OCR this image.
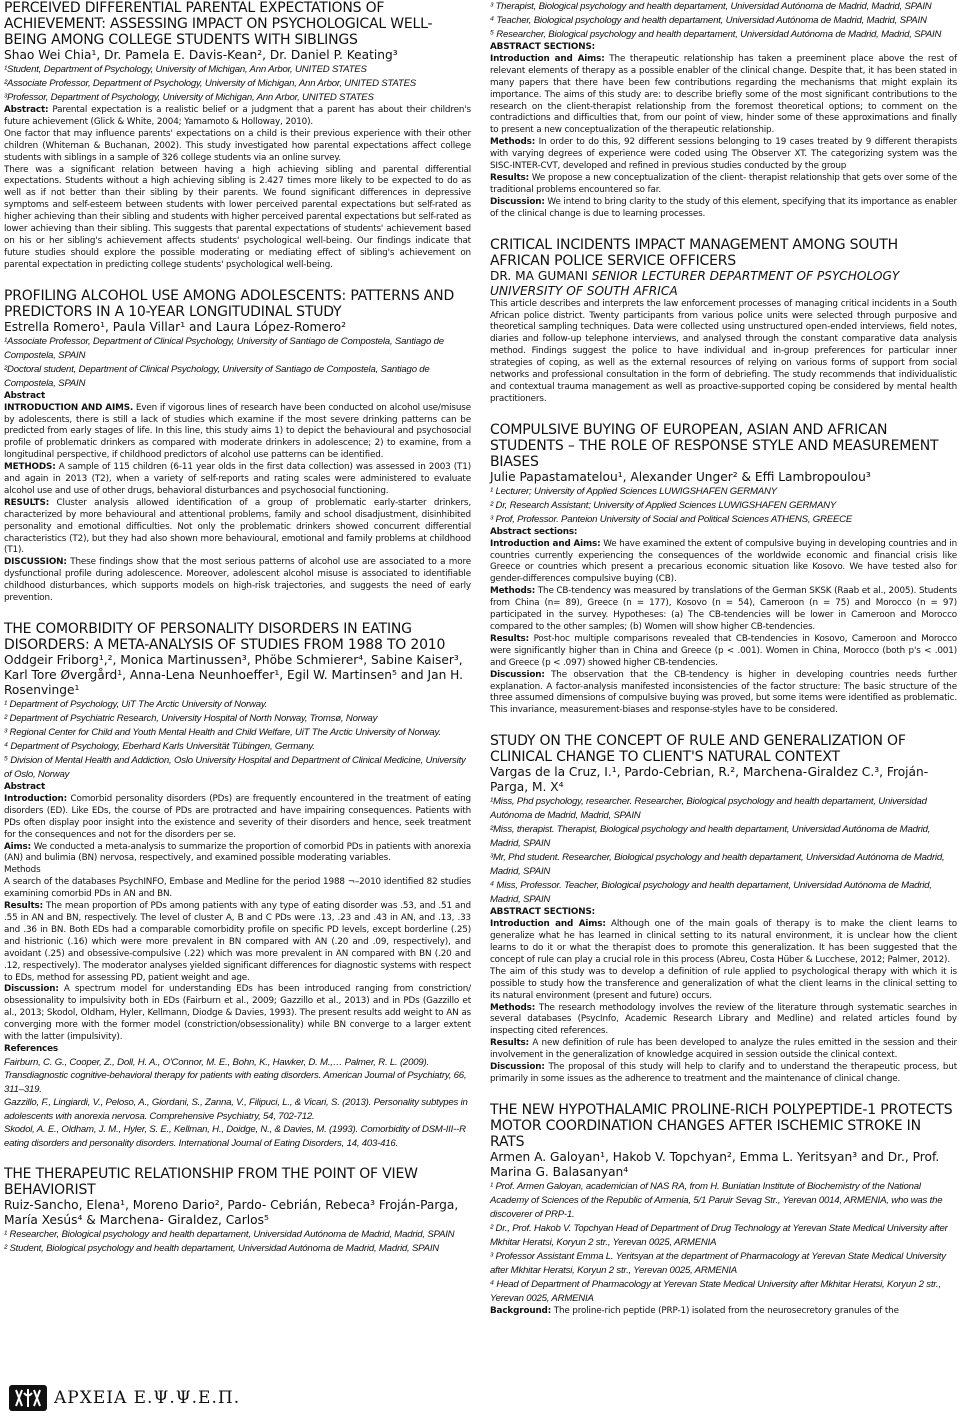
PERCEIVED DIFFERENTIAL PARENTAL EXPECTATIONS OF ACHIEVEMENT: ASSESSING IMPACT ON PSYCHOLOGICAL WELL-BEING AMONG COLLEGE STUDENTS WITH SIBLINGS

Shao Wei Chia¹, Dr. Pamela E. Davis-Kean², Dr. Daniel P. Keating³

¹Student, Department of Psychology, University of Michigan, Ann Arbor, UNITED STATES

²Associate Professor, Department of Psychology, University of Michigan, Ann Arbor, UNITED STATES

³Professor, Department of Psychology, University of Michigan, Ann Arbor, UNITED STATES

Abstract: Parental expectation is a realistic belief or a judgment that a parent has about their children's future achievement (Glick & White, 2004; Yamamoto & Holloway, 2010).

One factor that may influence parents' expectations on a child is their previous experience with their other children (Whiteman & Buchanan, 2002). This study investigated how parental expectations affect college students with siblings in a sample of 326 college students via an online survey.

There was a significant relation between having a high achieving sibling and parental differential expectations. Students without a high achieving sibling is 2.427 times more likely to be expected to do as well as if not better than their sibling by their parents. We found significant differences in depressive symptoms and self-esteem between students with lower perceived parental expectations but self-rated as higher achieving than their sibling and students with higher perceived parental expectations but self-rated as lower achieving than their sibling. This suggests that parental expectations of students' achievement based on his or her sibling's achievement affects students' psychological well-being. Our findings indicate that future studies should explore the possible moderating or mediating effect of sibling's achievement on parental expectation in predicting college students' psychological well-being.

PROFILING ALCOHOL USE AMONG ADOLESCENTS: PATTERNS AND PREDICTORS IN A 10-YEAR LONGITUDINAL STUDY

Estrella Romero¹, Paula Villar¹ and Laura López-Romero²

¹Associate Professor, Department of Clinical Psychology, University of Santiago de Compostela, Santiago de Compostela, SPAIN

²Doctoral student, Department of Clinical Psychology, University of Santiago de Compostela, Santiago de Compostela, SPAIN

Abstract

INTRODUCTION AND AIMS. Even if vigorous lines of research have been conducted on alcohol use/misuse by adolescents, there is still a lack of studies which examine if the most severe drinking patterns can be predicted from early stages of life. In this line, this study aims 1) to depict the behavioural and psychosocial profile of problematic drinkers as compared with moderate drinkers in adolescence; 2) to examine, from a longitudinal perspective, if childhood predictors of alcohol use patterns can be identified.

METHODS: A sample of 115 children (6-11 year olds in the first data collection) was assessed in 2003 (T1) and again in 2013 (T2), when a variety of self-reports and rating scales were administered to evaluate alcohol use and use of other drugs, behavioral disturbances and psychosocial functioning.

RESULTS: Cluster analysis allowed identification of a group of problematic early-starter drinkers, characterized by more behavioural and attentional problems, family and school disadjustment, disinhibited personality and emotional difficulties. Not only the problematic drinkers showed concurrent differential characteristics (T2), but they had also shown more behavioural, emotional and family problems at childhood (T1).

DISCUSSION: These findings show that the most serious patterns of alcohol use are associated to a more dysfunctional profile during adolescence. Moreover, adolescent alcohol misuse is associated to identifiable childhood disturbances, which supports models on high-risk trajectories, and suggests the need of early prevention.

THE COMORBIDITY OF PERSONALITY DISORDERS IN EATING DISORDERS: A META-ANALYSIS OF STUDIES FROM 1988 TO 2010

Oddgeir Friborg¹,², Monica Martinussen³, Phöbe Schmierer⁴, Sabine Kaiser³, Karl Tore Øvergård¹, Anna-Lena Neunhoeffer¹, Egil W. Martinsen⁵ and Jan H. Rosenvinge¹

¹ Department of Psychology, UiT The Arctic University of Norway.

² Department of Psychiatric Research, University Hospital of North Norway, Tromsø, Norway

³ Regional Center for Child and Youth Mental Health and Child Welfare, UiT The Arctic University of Norway.

⁴ Department of Psychology, Eberhard Karls Universität Tübingen, Germany.

⁵ Division of Mental Health and Addiction, Oslo University Hospital and Department of Clinical Medicine, University of Oslo, Norway

Abstract

Introduction: Comorbid personality disorders (PDs) are frequently encountered in the treatment of eating disorders (ED). Like EDs, the course of PDs are protracted and have impairing consequences. Patients with PDs often display poor insight into the existence and severity of their disorders and hence, seek treatment for the consequences and not for the disorders per se.

Aims: We conducted a meta-analysis to summarize the proportion of comorbid PDs in patients with anorexia (AN) and bulimia (BN) nervosa, respectively, and examined possible moderating variables.

Methods

A search of the databases PsychINFO, Embase and Medline for the period 1988 ¬–2010 identified 82 studies examining comorbid PDs in AN and BN.

Results: The mean proportion of PDs among patients with any type of eating disorder was .53, and .51 and .55 in AN and BN, respectively. The level of cluster A, B and C PDs were .13, .23 and .43 in AN, and .13, .33 and .36 in BN. Both EDs had a comparable comorbidity profile on specific PD levels, except borderline (.25) and histrionic (.16) which were more prevalent in BN compared with AN (.20 and .09, respectively), and avoidant (.25) and obsessive-compulsive (.22) which was more prevalent in AN compared with BN (.20 and .12, respectively). The moderator analyses yielded significant differences for diagnostic systems with respect to EDs, method for assessing PD, patient weight and age.

Discussion: A spectrum model for understanding EDs has been introduced ranging from constriction/ obsessionality to impulsivity both in EDs (Fairburn et al., 2009; Gazzillo et al., 2013) and in PDs (Gazzillo et al., 2013; Skodol, Oldham, Hyler, Kellmann, Diodge & Davies, 1993). The present results add weight to AN as converging more with the former model (constriction/obsessionality) while BN converge to a larger extent with the latter (impulsivity).

References

Fairburn, C. G., Cooper, Z., Doll, H. A., O'Connor, M. E., Bohn, K., Hawker, D. M.,… Palmer, R. L. (2009). Transdiagnostic cognitive-behavioral therapy for patients with eating disorders. American Journal of Psychiatry, 66, 311–319.

Gazzillo, F., Lingiardi, V., Peloso, A., Giordani, S., Zanna, V., Filipuci, L., & Vicari, S. (2013). Personality subtypes in adolescents with anorexia nervosa. Comprehensive Psychiatry, 54, 702-712.

Skodol, A. E., Oldham, J. M., Hyler, S. E., Kellman, H., Doidge, N., & Davies, M. (1993). Comorbidity of DSM-III--R eating disorders and personality disorders. International Journal of Eating Disorders, 14, 403-416.

THE THERAPEUTIC RELATIONSHIP FROM THE POINT OF VIEW BEHAVIORIST

Ruiz-Sancho, Elena¹, Moreno Dario², Pardo- Cebrián, Rebeca³ Froján-Parga, María Xesús⁴ & Marchena- Giraldez, Carlos⁵

¹ Researcher, Biological psychology and health departament, Universidad Autónoma de Madrid, Madrid, SPAIN

² Student, Biological psychology and health departament, Universidad Autónoma de Madrid, Madrid, SPAIN

ΑΡΧΕΙΑ Ε.Ψ.Ψ.Ε.Π.

³ Therapist, Biological psychology and health departament, Universidad Autónoma de Madrid, Madrid, SPAIN

⁴ Teacher, Biological psychology and health departament, Universidad Autónoma de Madrid, Madrid, SPAIN

⁵ Researcher, Biological psychology and health departament, Universidad Autónoma de Madrid, Madrid, SPAIN

ABSTRACT SECTIONS:

Introduction and Aims: The therapeutic relationship has taken a preeminent place above the rest of relevant elements of therapy as a possible enabler of the clinical change. Despite that, it has been stated in many papers that there have been few contributions regarding the mechanisms that might explain its importance. The aims of this study are: to describe briefly some of the most significant contributions to the research on the client-therapist relationship from the foremost theoretical options; to comment on the contradictions and difficulties that, from our point of view, hinder some of these approximations and finally to present a new conceptualization of the therapeutic relationship.

Methods: In order to do this, 92 different sessions belonging to 19 cases treated by 9 different therapists with varying degrees of experience were coded using The Observer XT. The categorizing system was the SISC-INTER-CVT, developed and refined in previous studies conducted by the group

Results: We propose a new conceptualization of the client- therapist relationship that gets over some of the traditional problems encountered so far.

Discussion: We intend to bring clarity to the study of this element, specifying that its importance as enabler of the clinical change is due to learning processes.

CRITICAL INCIDENTS IMPACT MANAGEMENT AMONG SOUTH AFRICAN POLICE SERVICE OFFICERS

DR. MA GUMANI SENIOR LECTURER DEPARTMENT OF PSYCHOLOGY UNIVERSITY OF SOUTH AFRICA

This article describes and interprets the law enforcement processes of managing critical incidents in a South African police district. Twenty participants from various police units were selected through purposive and theoretical sampling techniques. Data were collected using unstructured open-ended interviews, field notes, diaries and follow-up telephone interviews, and analysed through the constant comparative data analysis method. Findings suggest the police to have individual and in-group preferences for particular inner strategies of coping, as well as the external resources of relying on various forms of support from social networks and professional consultation in the form of debriefing. The study recommends that individualistic and contextual trauma management as well as proactive-supported coping be considered by mental health practitioners.

COMPULSIVE BUYING OF EUROPEAN, ASIAN AND AFRICAN STUDENTS – THE ROLE OF RESPONSE STYLE AND MEASUREMENT BIASES

Julie Papastamatelou¹, Alexander Unger² & Effi Lambropoulou³

¹ Lecturer; University of Applied Sciences LUWIGSHAFEN GERMANY

² Dr, Research Assistant; University of Applied Sciences LUWIGSHAFEN GERMANY

³ Prof, Professor. Panteion University of Social and Political Sciences ATHENS, GREECE

Abstract sections:

Introduction and Aims: We have examined the extent of compulsive buying in developing countries and in countries currently experiencing the consequences of the worldwide economic and financial crisis like Greece or countries which present a precarious economic situation like Kosovo. We have tested also for gender-differences compulsive buying (CB).

Methods: The CB-tendency was measured by translations of the German SKSK (Raab et al., 2005). Students from China (n= 89), Greece (n = 177), Kosovo (n = 54), Cameroon (n = 75) and Morocco (n = 97) participated in the survey. Hypotheses: (a) The CB-tendencies will be lower in Cameroon and Morocco compared to the other samples; (b) Women will show higher CB-tendencies.

Results: Post-hoc multiple comparisons revealed that CB-tendencies in Kosovo, Cameroon and Morocco were significantly higher than in China and Greece (p < .001). Women in China, Morocco (both p's < .001) and Greece (p < .097) showed higher CB-tendencies.

Discussion: The observation that the CB-tendency is higher in developing countries needs further explanation. A factor-analysis manifested inconsistencies of the factor structure: The basic structure of the three assumed dimensions of compulsive buying was proved, but some items were identified as problematic. This invariance, measurement-biases and response-styles have to be considered.

STUDY ON THE CONCEPT OF RULE AND GENERALIZATION OF CLINICAL CHANGE TO CLIENT'S NATURAL CONTEXT

Vargas de la Cruz, I.¹, Pardo-Cebrian, R.², Marchena-Giraldez C.³, Froján-Parga, M. X⁴

¹Miss, Phd psychology, researcher. Researcher, Biological psychology and health departament, Universidad Autónoma de Madrid, Madrid, SPAIN

²Miss, therapist. Therapist, Biological psychology and health departament, Universidad Autónoma de Madrid, Madrid, SPAIN

³Mr, Phd student. Researcher, Biological psychology and health departament, Universidad Autónoma de Madrid, Madrid, SPAIN

⁴ Miss, Professor. Teacher, Biological psychology and health departament, Universidad Autónoma de Madrid, Madrid, SPAIN

ABSTRACT SECTIONS:

Introduction and Aims: Although one of the main goals of therapy is to make the client learns to generalize what he has learned in clinical setting to its natural environment, it is unclear how the client learns to do it or what the therapist does to promote this generalization. It has been suggested that the concept of rule can play a crucial role in this process (Abreu, Costa Hüber & Lucchese, 2012; Palmer, 2012).

The aim of this study was to develop a definition of rule applied to psychological therapy with which it is possible to study how the transference and generalization of what the client learns in the clinical setting to its natural environment (present and future) occurs.

Methods: The research methodology involves the review of the literature through systematic searches in several databases (PsycInfo, Academic Research Library and Medline) and related articles found by inspecting cited references.

Results: A new definition of rule has been developed to analyze the rules emitted in the session and their involvement in the generalization of knowledge acquired in session outside the clinical context.

Discussion: The proposal of this study will help to clarify and to understand the therapeutic process, but primarily in some issues as the adherence to treatment and the maintenance of clinical change.

THE NEW HYPOTHALAMIC PROLINE-RICH POLYPEPTIDE-1 PROTECTS MOTOR COORDINATION CHANGES AFTER ISCHEMIC STROKE IN RATS

Armen A. Galoyan¹, Hakob V. Topchyan², Emma L. Yeritsyan³ and Dr., Prof. Marina G. Balasanyan⁴

¹ Prof. Armen Galoyan, academician of NAS RA, from H. Buniatian Institute of Biochemistry of the National Academy of Sciences of the Republic of Armenia, 5/1 Paruir Sevag Str., Yerevan 0014, ARMENIA, who was the discoverer of PRP-1.

² Dr., Prof. Hakob V. Topchyan Head of Department of Drug Technology at Yerevan State Medical University after Mkhitar Heratsi, Koryun 2 str., Yerevan 0025, ARMENIA

³ Professor Assistant Emma L. Yeritsyan at the department of Pharmacology at Yerevan State Medical University after Mkhitar Heratsi, Koryun 2 str., Yerevan 0025, ARMENIA

⁴ Head of Department of Pharmacology at Yerevan State Medical University after Mkhitar Heratsi, Koryun 2 str., Yerevan 0025, ARMENIA

Background: The proline-rich peptide (PRP-1) isolated from the neurosecretory granules of the
